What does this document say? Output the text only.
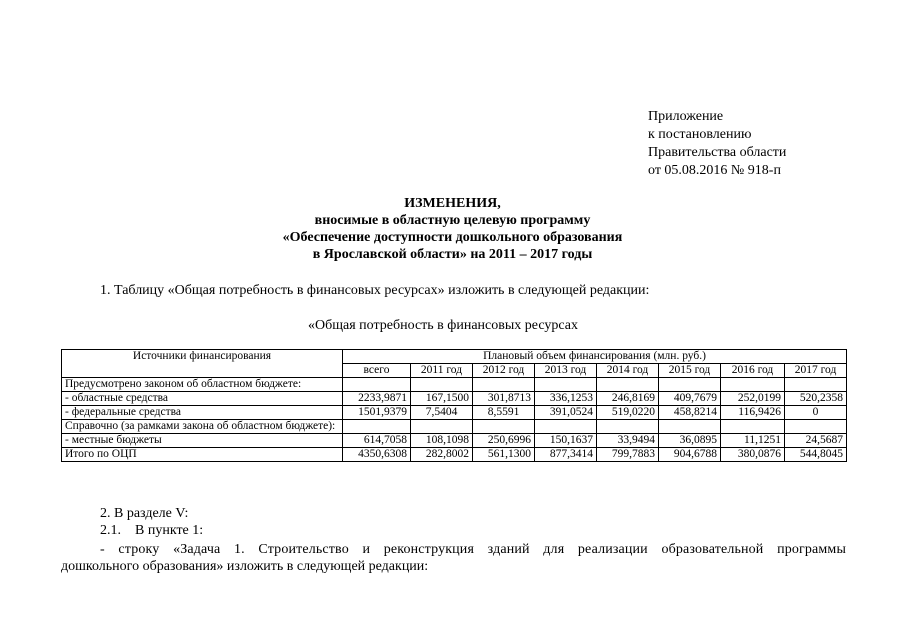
Приложение
к постановлению
Правительства области
от 05.08.2016 № 918-п
ИЗМЕНЕНИЯ,
вносимые в областную целевую программу
«Обеспечение доступности дошкольного образования
в Ярославской области» на 2011 – 2017 годы
1. Таблицу «Общая потребность в финансовых ресурсах» изложить в следующей редакции:
«Общая потребность в финансовых ресурсах
Источники финансирования	Плановый объем финансирования (млн. руб.)							
	всего	2011 год	2012 год	2013 год	2014 год	2015 год	2016 год	2017 год
Предусмотрено законом об областном бюджете:								
- областные средства	2233,9871	167,1500	301,8713	336,1253	246,8169	409,7679	252,0199	520,2358
- федеральные средства	1501,9379	7,5404	8,5591	391,0524	519,0220	458,8214	116,9426	0
Справочно (за рамками закона об областном бюджете):								
- местные бюджеты	614,7058	108,1098	250,6996	150,1637	33,9494	36,0895	11,1251	24,5687
Итого по ОЦП	4350,6308	282,8002	561,1300	877,3414	799,7883	904,6788	380,0876	544,8045
2. В разделе V:
2.1.    В пункте 1:
- строку «Задача 1. Строительство и реконструкция зданий для реализации образовательной программы
дошкольного образования» изложить в следующей редакции:
